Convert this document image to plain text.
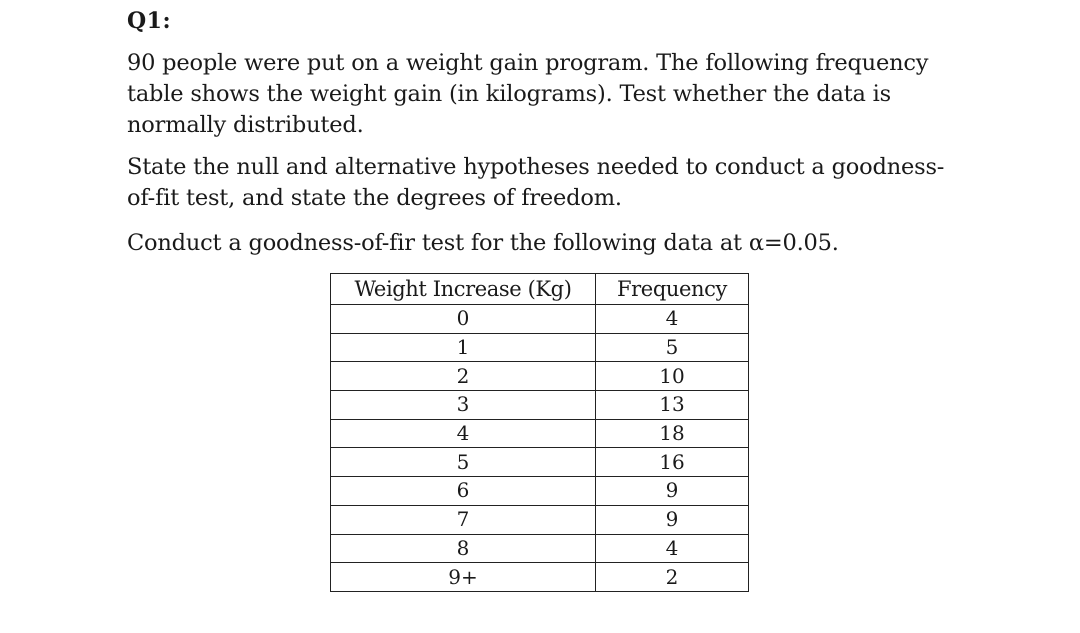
Q1:
90 people were put on a weight gain program. The following frequency table shows the weight gain (in kilograms). Test whether the data is normally distributed.
State the null and alternative hypotheses needed to conduct a goodness-of-fit test, and state the degrees of freedom.
Conduct a goodness-of-fir test for the following data at α=0.05.
Weight Increase (Kg)	Frequency
0	4
1	5
2	10
3	13
4	18
5	16
6	9
7	9
8	4
9+	2
